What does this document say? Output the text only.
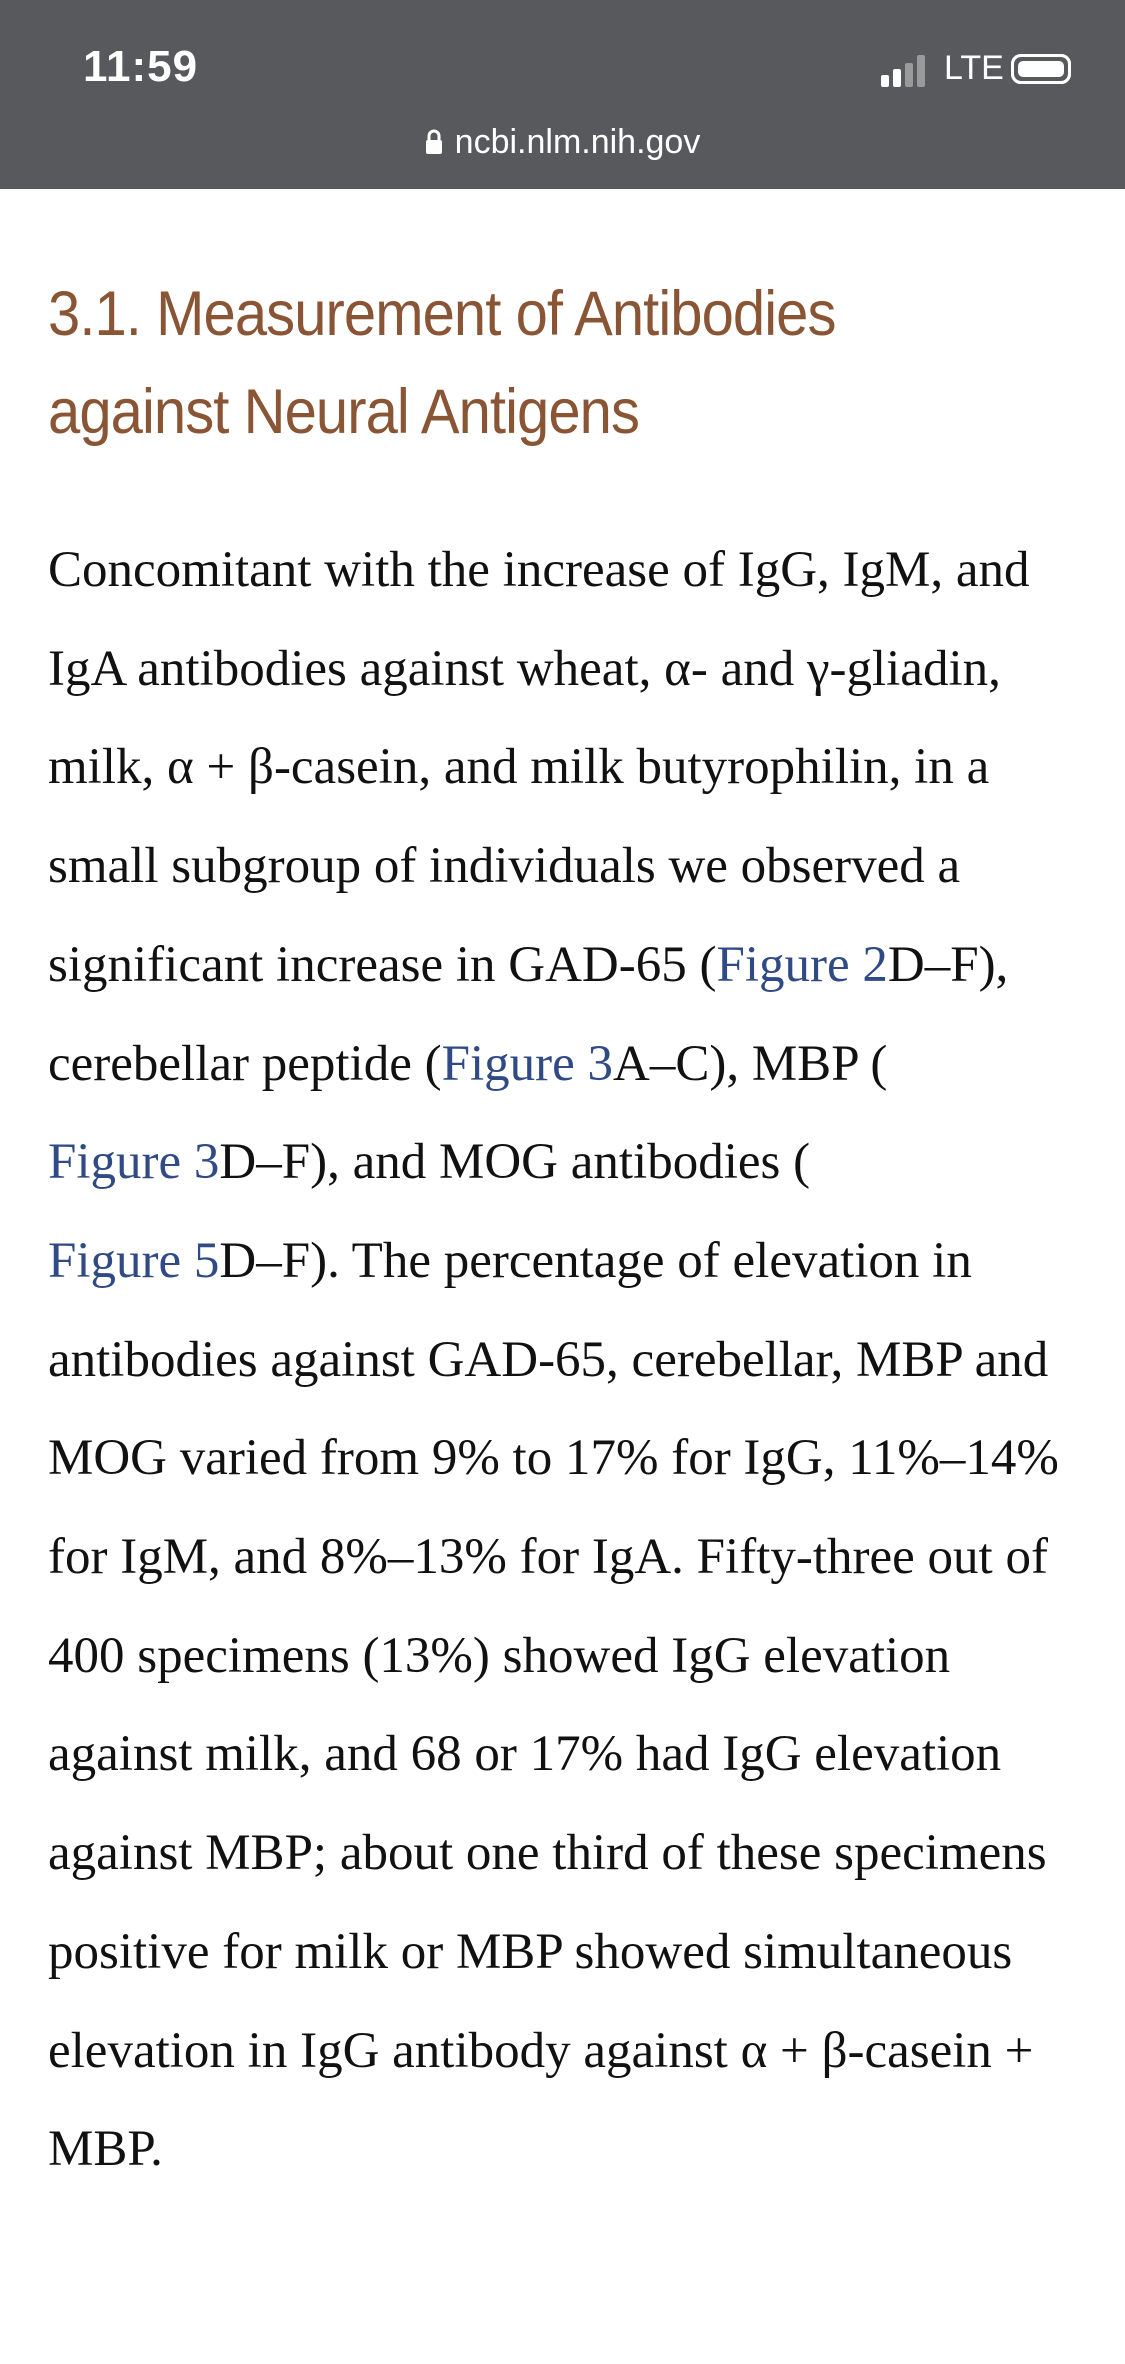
11:59	LTE
ncbi.nlm.nih.gov
3.1. Measurement of Antibodies
against Neural Antigens

Concomitant with the increase of IgG, IgM, and IgA antibodies against wheat, α- and γ-gliadin, milk, α + β-casein, and milk butyrophilin, in a small subgroup of individuals we observed a significant increase in GAD-65 (Figure 2D–F), cerebellar peptide (Figure 3A–C), MBP (
Figure 3D–F), and MOG antibodies (
Figure 5D–F). The percentage of elevation in antibodies against GAD-65, cerebellar, MBP and MOG varied from 9% to 17% for IgG, 11%–14% for IgM, and 8%–13% for IgA. Fifty-three out of 400 specimens (13%) showed IgG elevation against milk, and 68 or 17% had IgG elevation against MBP; about one third of these specimens positive for milk or MBP showed simultaneous elevation in IgG antibody against α + β-casein + MBP.
